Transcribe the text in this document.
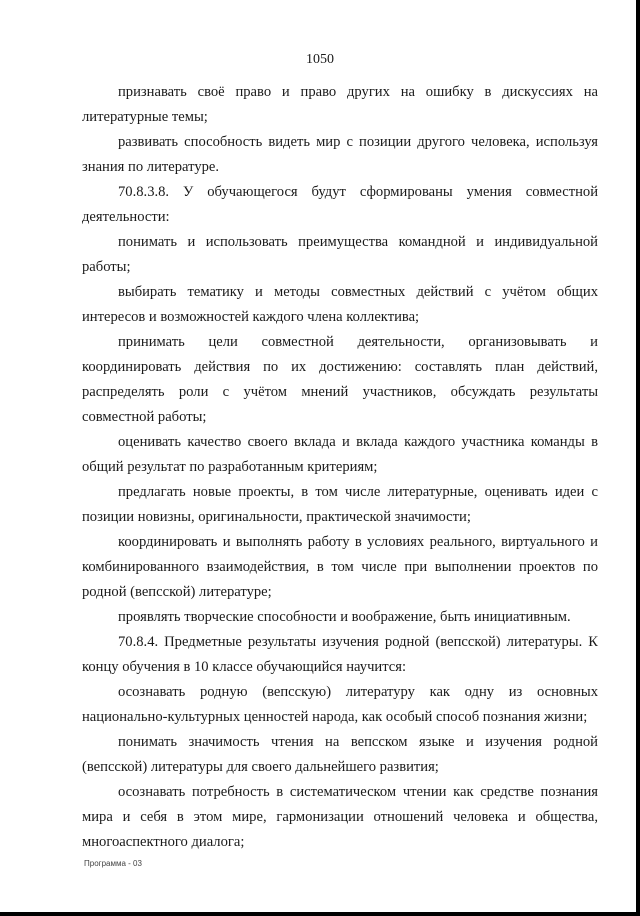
1050

признавать своё право и право других на ошибку в дискуссиях на литературные темы;

развивать способность видеть мир с позиции другого человека, используя знания по литературе.

70.8.3.8. У обучающегося будут сформированы умения совместной деятельности:

понимать и использовать преимущества командной и индивидуальной работы;

выбирать тематику и методы совместных действий с учётом общих интересов и возможностей каждого члена коллектива;

принимать цели совместной деятельности, организовывать и координировать действия по их достижению: составлять план действий, распределять роли с учётом мнений участников, обсуждать результаты совместной работы;

оценивать качество своего вклада и вклада каждого участника команды в общий результат по разработанным критериям;

предлагать новые проекты, в том числе литературные, оценивать идеи с позиции новизны, оригинальности, практической значимости;

координировать и выполнять работу в условиях реального, виртуального и комбинированного взаимодействия, в том числе при выполнении проектов по родной (вепсской) литературе;

проявлять творческие способности и воображение, быть инициативным.

70.8.4. Предметные результаты изучения родной (вепсской) литературы. К концу обучения в 10 классе обучающийся научится:

осознавать родную (вепсскую) литературу как одну из основных национально-культурных ценностей народа, как особый способ познания жизни;

понимать значимость чтения на вепсском языке и изучения родной (вепсской) литературы для своего дальнейшего развития;

осознавать потребность в систематическом чтении как средстве познания мира и себя в этом мире, гармонизации отношений человека и общества, многоаспектного диалога;

Программа - 03
